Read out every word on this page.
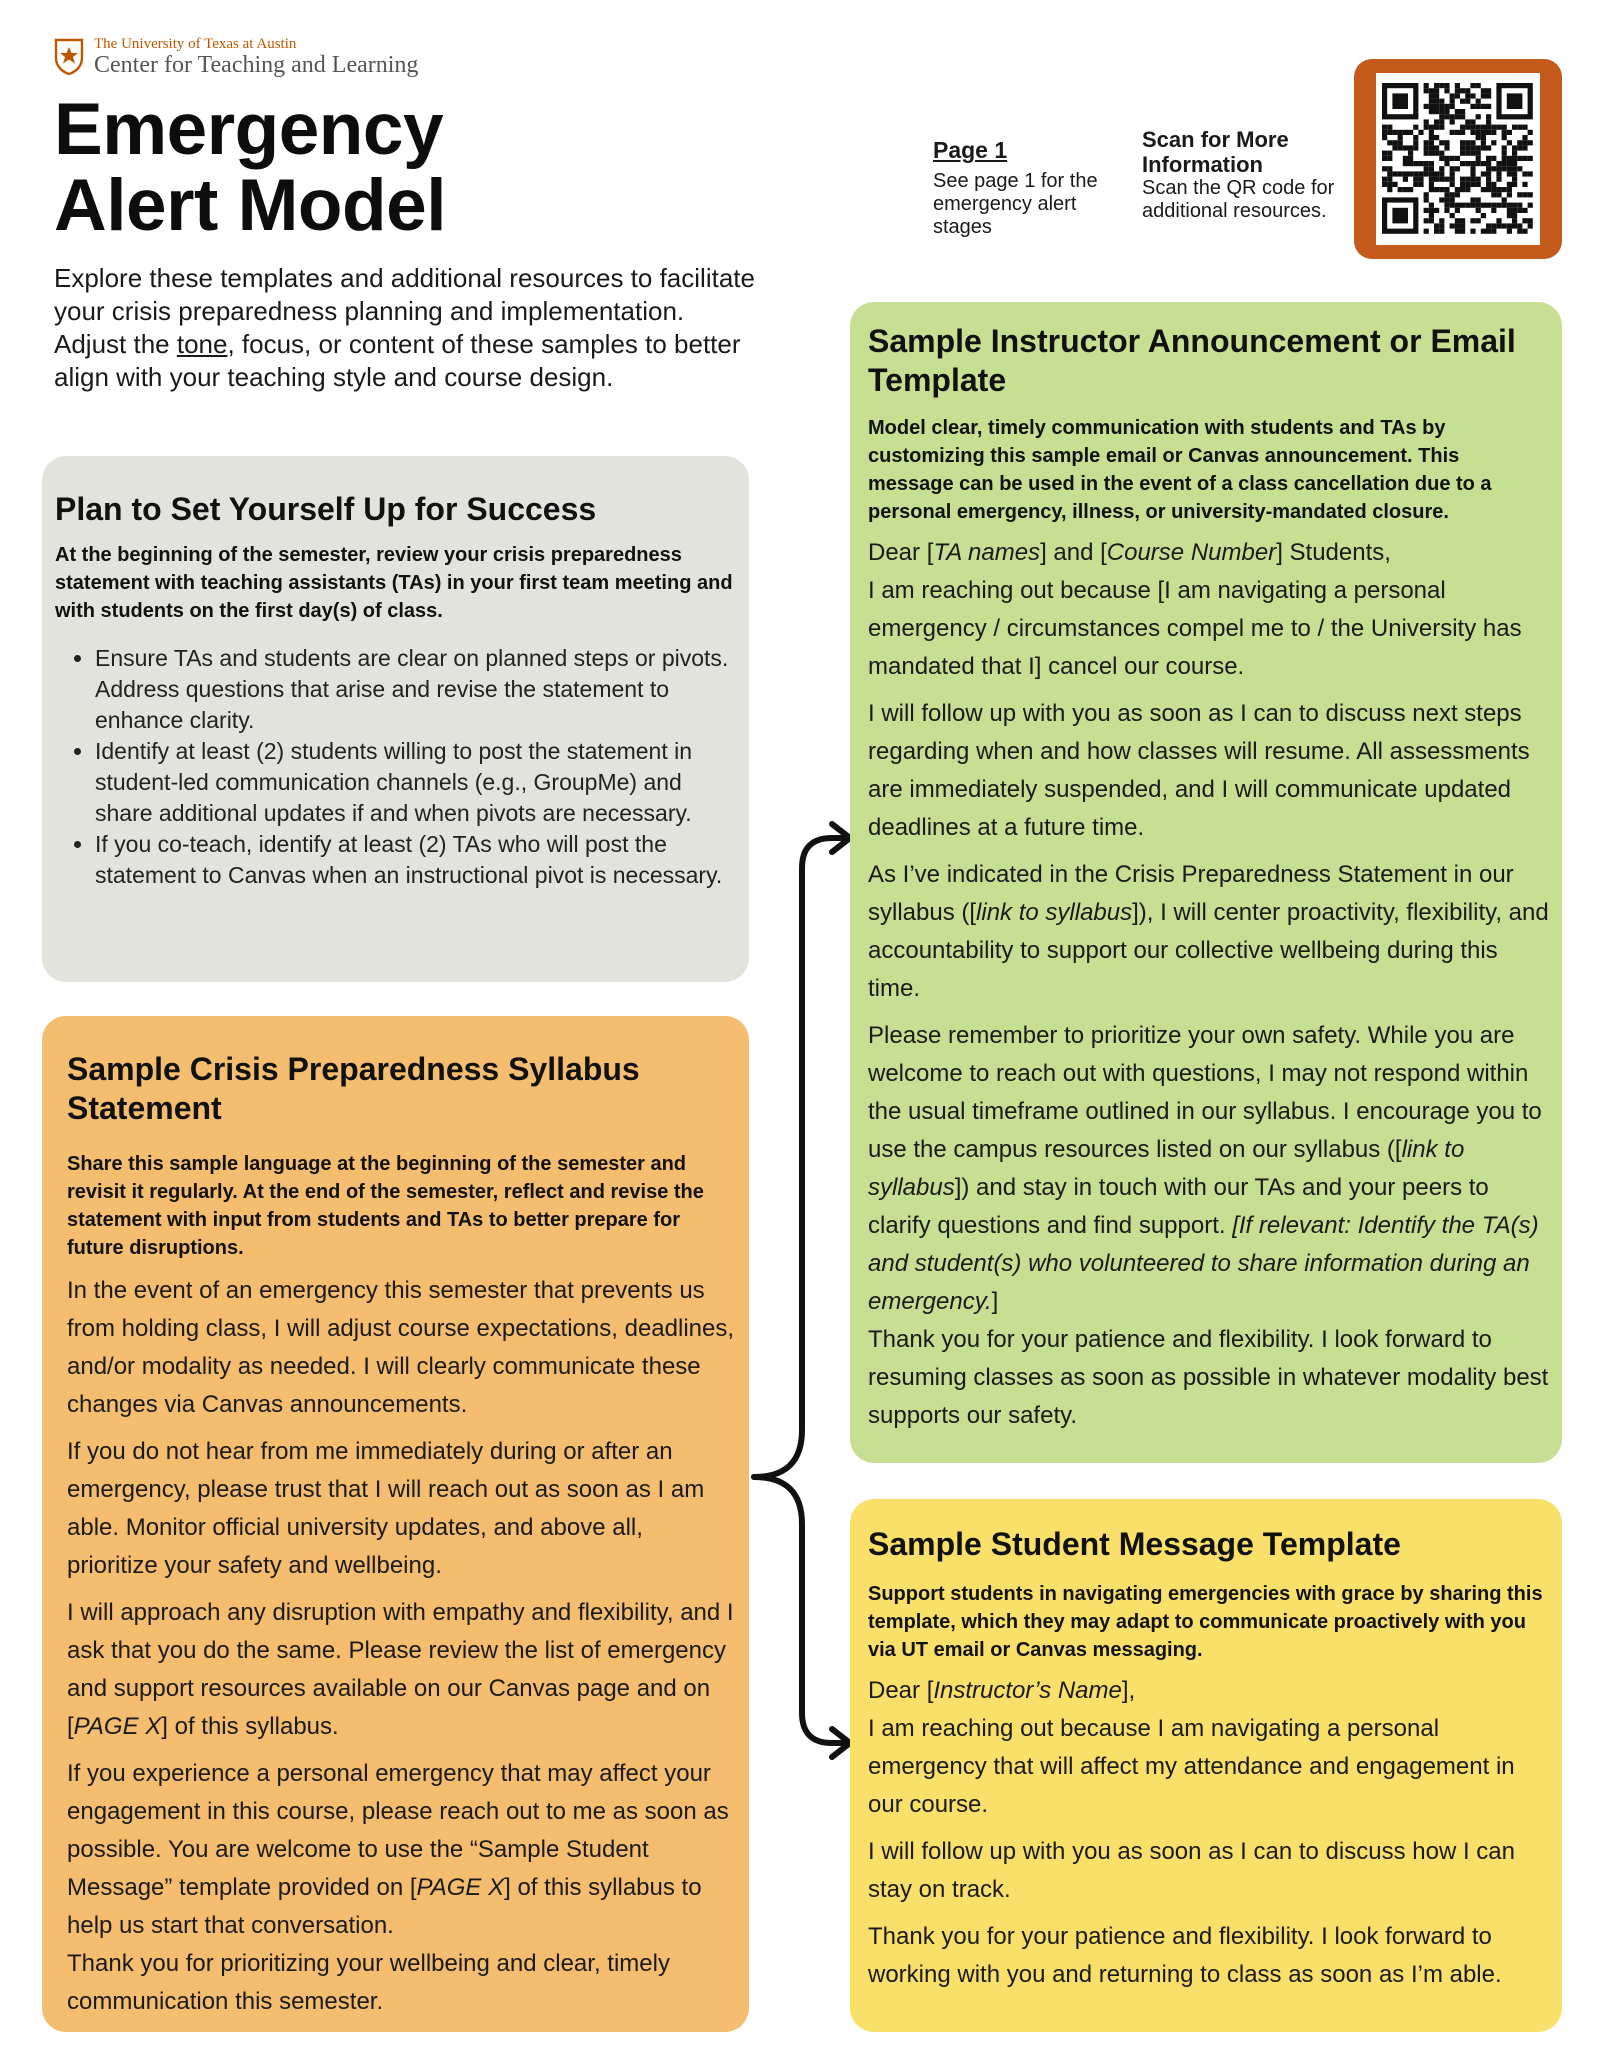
The University of Texas at Austin
Center for Teaching and Learning
Emergency
Alert Model
Explore these templates and additional resources to facilitate your crisis preparedness planning and implementation. Adjust the tone, focus, or content of these samples to better align with your teaching style and course design.
Page 1
See page 1 for the emergency alert stages
Scan for More Information
Scan the QR code for additional resources.
Plan to Set Yourself Up for Success
At the beginning of the semester, review your crisis preparedness statement with teaching assistants (TAs) in your first team meeting and with students on the first day(s) of class.
• Ensure TAs and students are clear on planned steps or pivots. Address questions that arise and revise the statement to enhance clarity.
• Identify at least (2) students willing to post the statement in student-led communication channels (e.g., GroupMe) and share additional updates if and when pivots are necessary.
• If you co-teach, identify at least (2) TAs who will post the statement to Canvas when an instructional pivot is necessary.
Sample Crisis Preparedness Syllabus Statement
Share this sample language at the beginning of the semester and revisit it regularly. At the end of the semester, reflect and revise the statement with input from students and TAs to better prepare for future disruptions.

In the event of an emergency this semester that prevents us from holding class, I will adjust course expectations, deadlines, and/or modality as needed. I will clearly communicate these changes via Canvas announcements.

If you do not hear from me immediately during or after an emergency, please trust that I will reach out as soon as I am able. Monitor official university updates, and above all, prioritize your safety and wellbeing.

I will approach any disruption with empathy and flexibility, and I ask that you do the same. Please review the list of emergency and support resources available on our Canvas page and on [PAGE X] of this syllabus.

If you experience a personal emergency that may affect your engagement in this course, please reach out to me as soon as possible. You are welcome to use the “Sample Student Message” template provided on [PAGE X] of this syllabus to help us start that conversation.

Thank you for prioritizing your wellbeing and clear, timely communication this semester.

Sample Instructor Announcement or Email Template
Model clear, timely communication with students and TAs by customizing this sample email or Canvas announcement. This message can be used in the event of a class cancellation due to a personal emergency, illness, or university-mandated closure.

Dear [TA names] and [Course Number] Students,

I am reaching out because [I am navigating a personal emergency / circumstances compel me to / the University has mandated that I] cancel our course.

I will follow up with you as soon as I can to discuss next steps regarding when and how classes will resume. All assessments are immediately suspended, and I will communicate updated deadlines at a future time.

As I’ve indicated in the Crisis Preparedness Statement in our syllabus ([link to syllabus]), I will center proactivity, flexibility, and accountability to support our collective wellbeing during this time.

Please remember to prioritize your own safety. While you are welcome to reach out with questions, I may not respond within the usual timeframe outlined in our syllabus. I encourage you to use the campus resources listed on our syllabus ([link to syllabus]) and stay in touch with our TAs and your peers to clarify questions and find support. [If relevant: Identify the TA(s) and student(s) who volunteered to share information during an emergency.]

Thank you for your patience and flexibility. I look forward to resuming classes as soon as possible in whatever modality best supports our safety.

Sample Student Message Template
Support students in navigating emergencies with grace by sharing this template, which they may adapt to communicate proactively with you via UT email or Canvas messaging.

Dear [Instructor’s Name],

I am reaching out because I am navigating a personal emergency that will affect my attendance and engagement in our course.

I will follow up with you as soon as I can to discuss how I can stay on track.

Thank you for your patience and flexibility. I look forward to working with you and returning to class as soon as I’m able.
